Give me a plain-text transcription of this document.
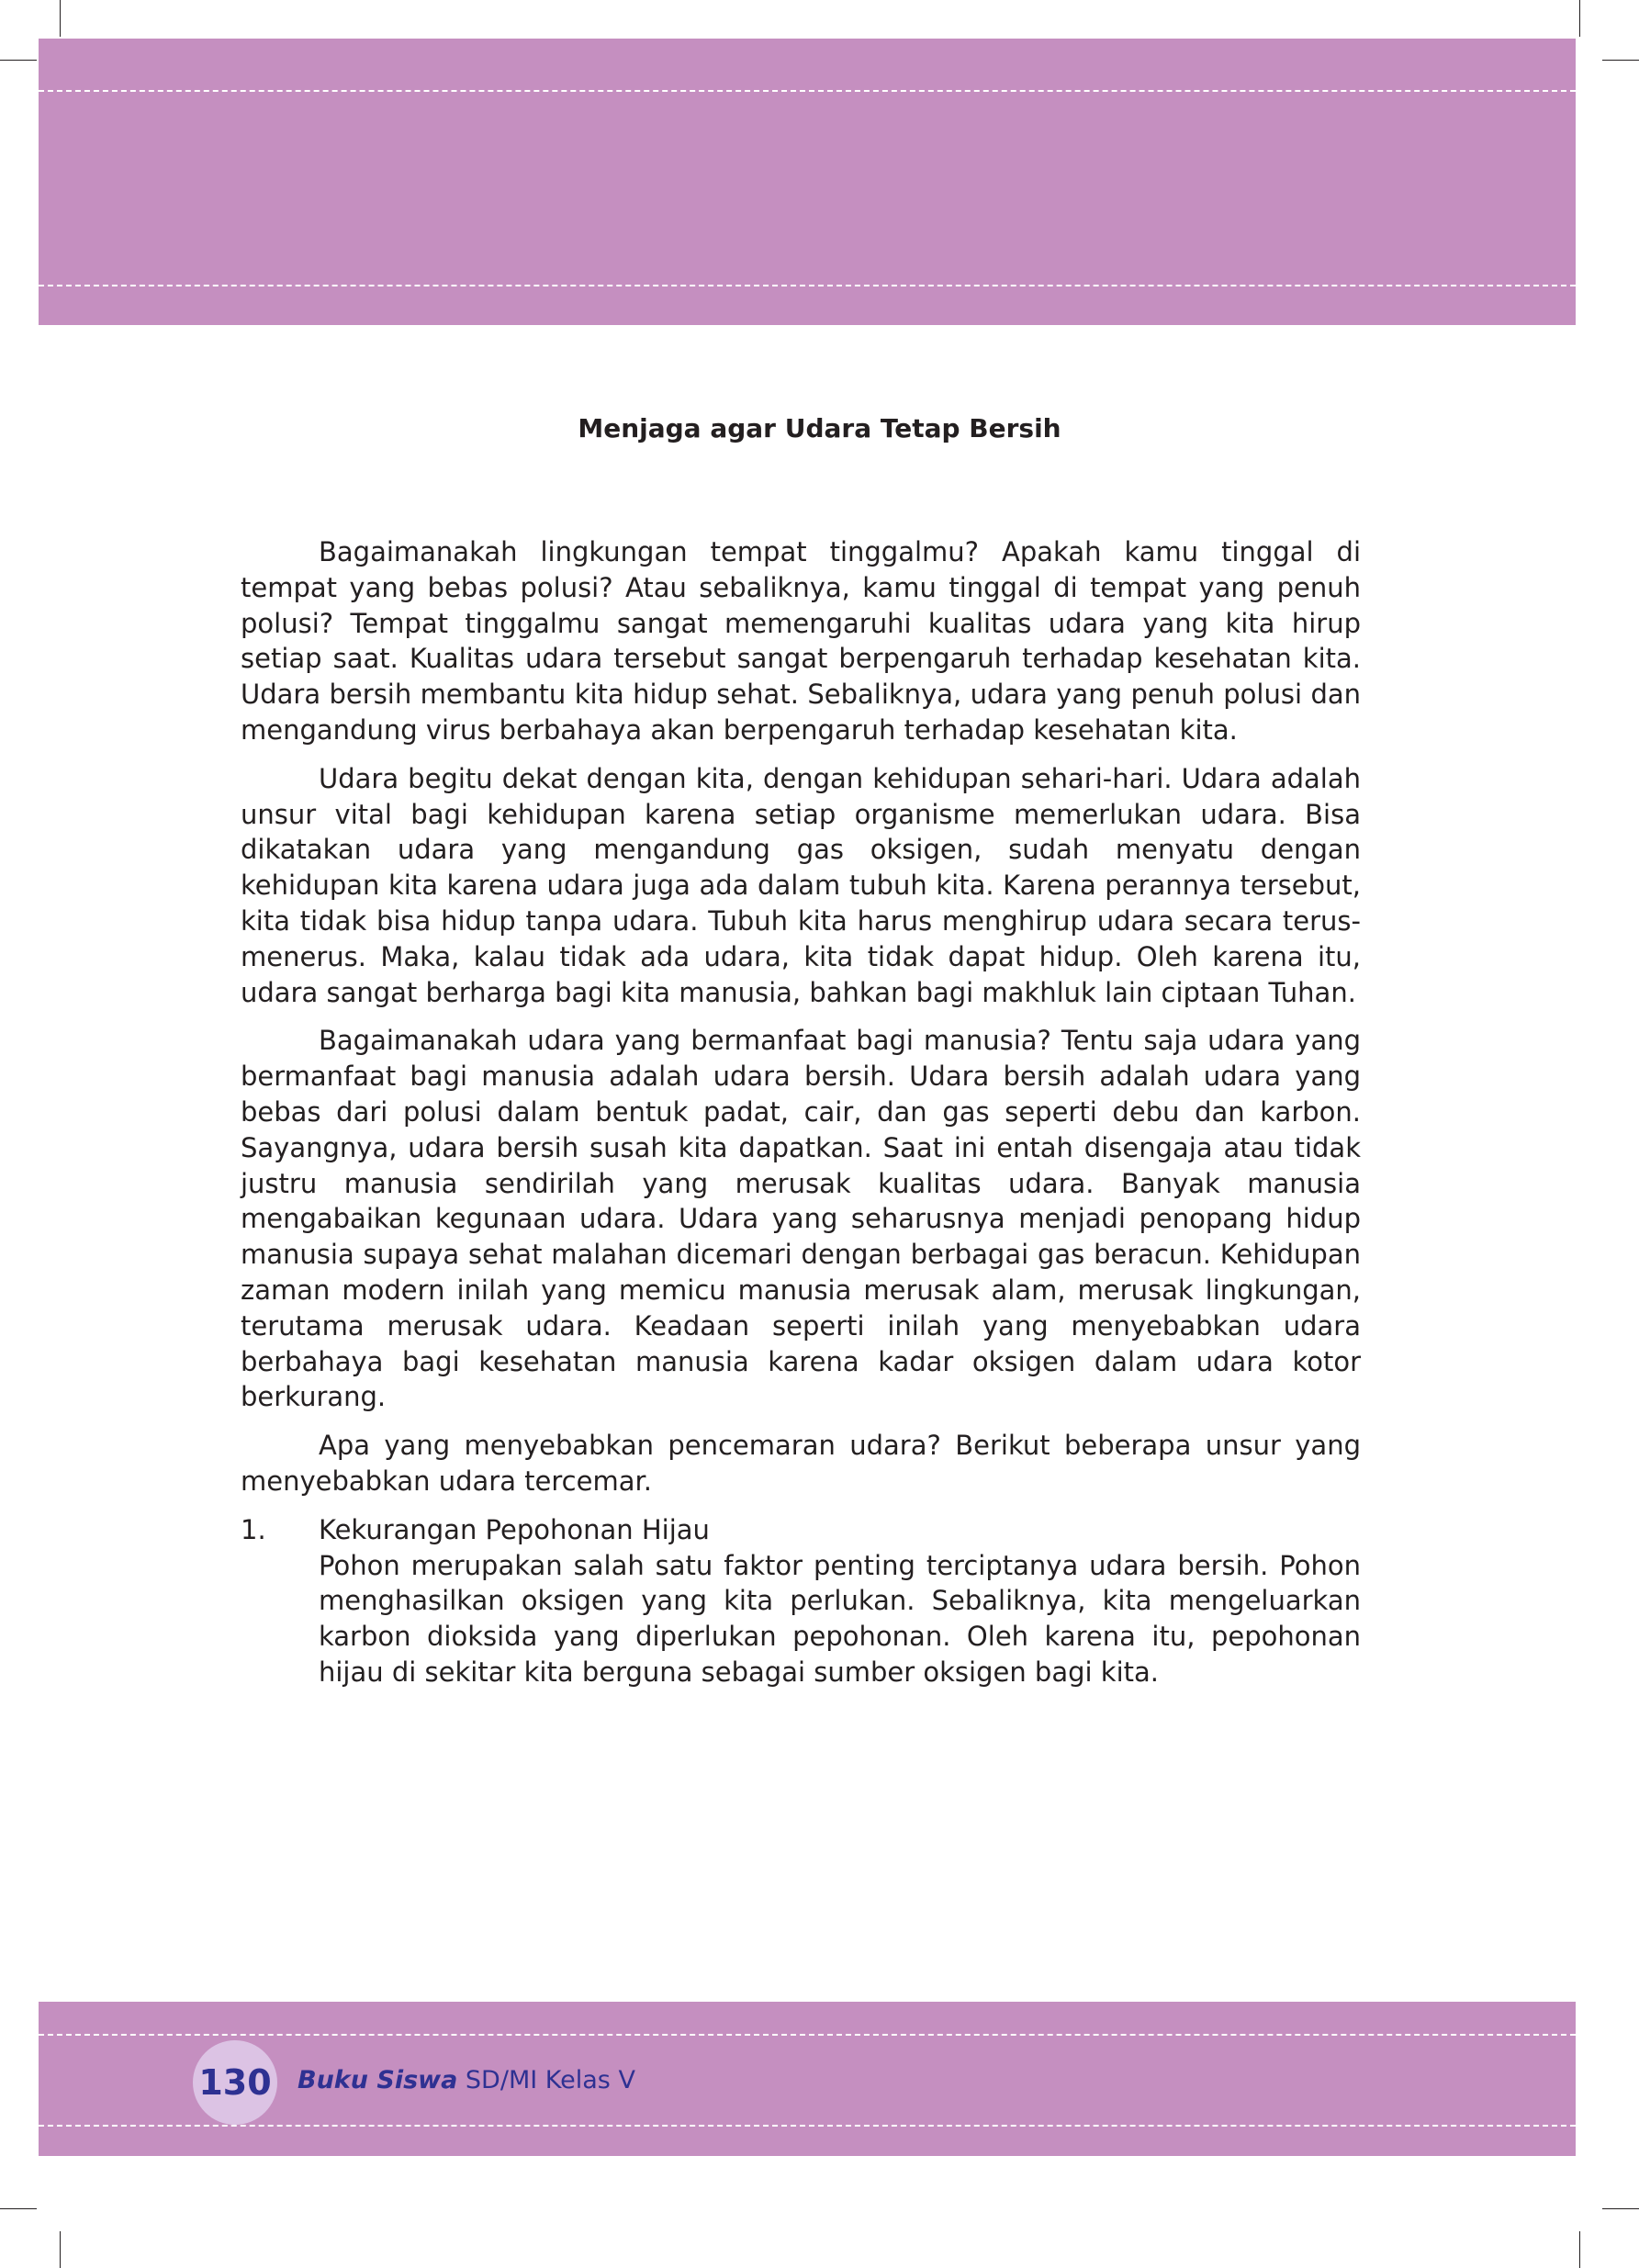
Menjaga agar Udara Tetap Bersih

Bagaimanakah lingkungan tempat tinggalmu? Apakah kamu tinggal di tempat yang bebas polusi? Atau sebaliknya, kamu tinggal di tempat yang penuh polusi? Tempat tinggalmu sangat memengaruhi kualitas udara yang kita hirup setiap saat. Kualitas udara tersebut sangat berpengaruh terhadap kesehatan kita. Udara bersih membantu kita hidup sehat. Sebaliknya, udara yang penuh polusi dan mengandung virus berbahaya akan berpengaruh terhadap kesehatan kita.

Udara begitu dekat dengan kita, dengan kehidupan sehari-hari. Udara adalah unsur vital bagi kehidupan karena setiap organisme memerlukan udara. Bisa dikatakan udara yang mengandung gas oksigen, sudah menyatu dengan kehidupan kita karena udara juga ada dalam tubuh kita. Karena perannya tersebut, kita tidak bisa hidup tanpa udara. Tubuh kita harus menghirup udara secara terus-menerus. Maka, kalau tidak ada udara, kita tidak dapat hidup. Oleh karena itu, udara sangat berharga bagi kita manusia, bahkan bagi makhluk lain ciptaan Tuhan.

Bagaimanakah udara yang bermanfaat bagi manusia? Tentu saja udara yang bermanfaat bagi manusia adalah udara bersih. Udara bersih adalah udara yang bebas dari polusi dalam bentuk padat, cair, dan gas seperti debu dan karbon. Sayangnya, udara bersih susah kita dapatkan. Saat ini entah disengaja atau tidak justru manusia sendirilah yang merusak kualitas udara. Banyak manusia mengabaikan kegunaan udara. Udara yang seharusnya menjadi penopang hidup manusia supaya sehat malahan dicemari dengan berbagai gas beracun. Kehidupan zaman modern inilah yang memicu manusia merusak alam, merusak lingkungan, terutama merusak udara. Keadaan seperti inilah yang menyebabkan udara berbahaya bagi kesehatan manusia karena kadar oksigen dalam udara kotor berkurang.

Apa yang menyebabkan pencemaran udara? Berikut beberapa unsur yang menyebabkan udara tercemar.

1. Kekurangan Pepohonan Hijau
Pohon merupakan salah satu faktor penting terciptanya udara bersih. Pohon menghasilkan oksigen yang kita perlukan. Sebaliknya, kita mengeluarkan karbon dioksida yang diperlukan pepohonan. Oleh karena itu, pepohonan hijau di sekitar kita berguna sebagai sumber oksigen bagi kita.
130 Buku Siswa SD/MI Kelas V
